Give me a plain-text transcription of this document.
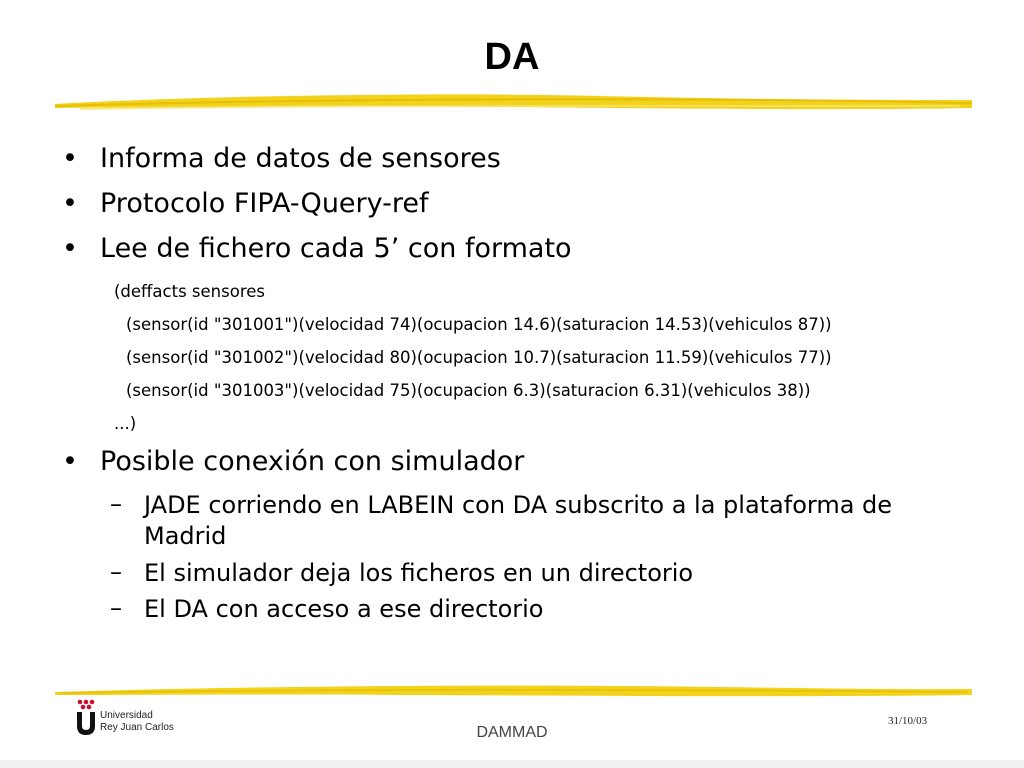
DA
• Informa de datos de sensores
• Protocolo FIPA-Query-ref
• Lee de fichero cada 5’ con formato
(deffacts sensores
(sensor(id "301001")(velocidad 74)(ocupacion 14.6)(saturacion 14.53)(vehiculos 87))
(sensor(id "301002")(velocidad 80)(ocupacion 10.7)(saturacion 11.59)(vehiculos 77))
(sensor(id "301003")(velocidad 75)(ocupacion 6.3)(saturacion 6.31)(vehiculos 38))
...)
• Posible conexión con simulador
– JADE corriendo en LABEIN con DA subscrito a la plataforma de Madrid
– El simulador deja los ficheros en un directorio
– El DA con acceso a ese directorio
Universidad
Rey Juan Carlos	DAMMAD
31/10/03
